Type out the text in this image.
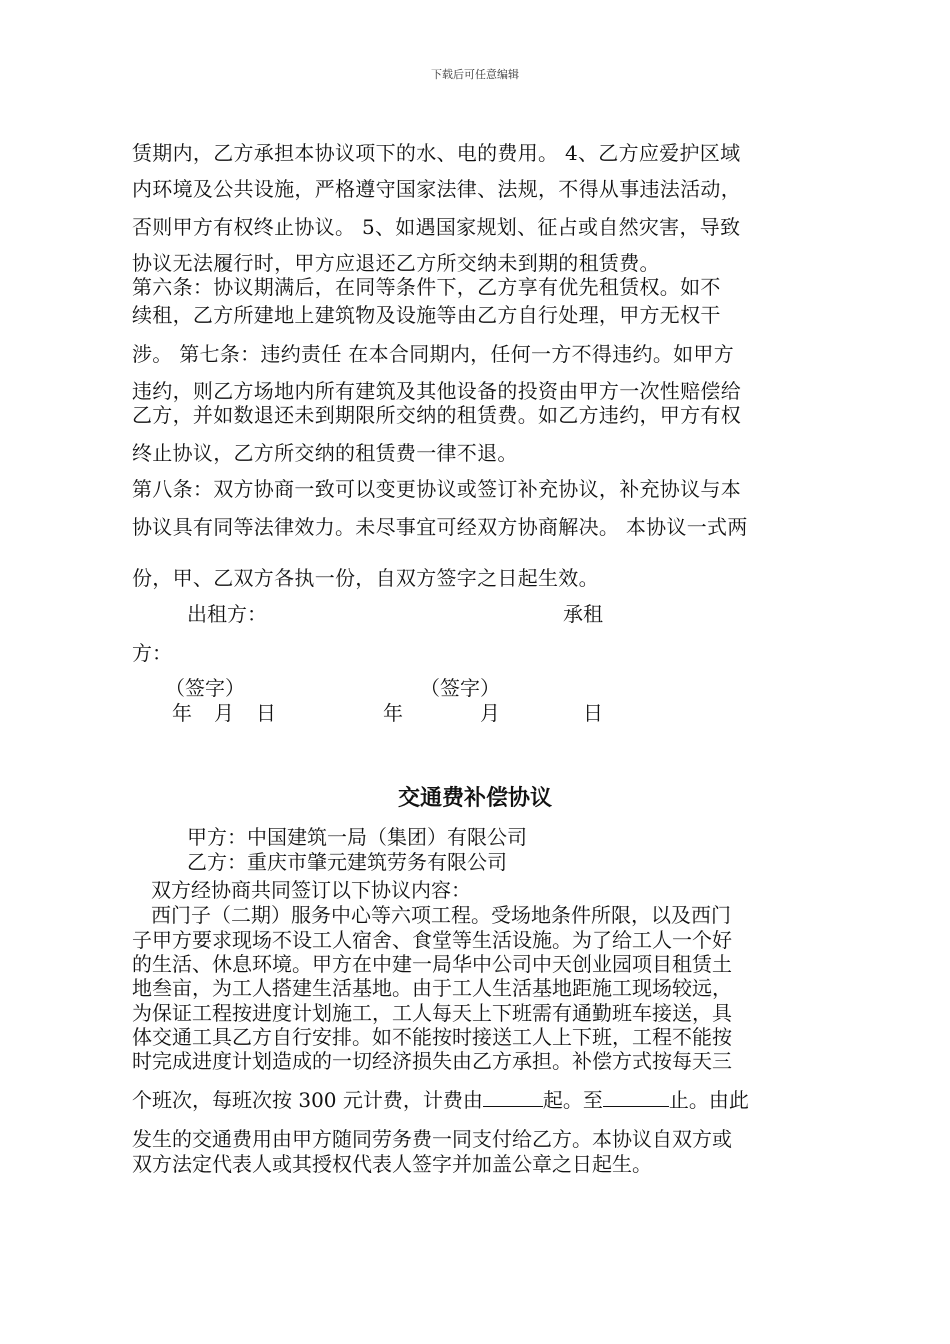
下载后可任意编辑
赁期内，乙方承担本协议项下的水、电的费用。 4、乙方应爱护区域
内环境及公共设施，严格遵守国家法律、法规，不得从事违法活动，
否则甲方有权终止协议。 5、如遇国家规划、征占或自然灾害，导致
协议无法履行时，甲方应退还乙方所交纳未到期的租赁费。
第六条：协议期满后，在同等条件下，乙方享有优先租赁权。如不
续租，乙方所建地上建筑物及设施等由乙方自行处理，甲方无权干
涉。 第七条：违约责任 在本合同期内，任何一方不得违约。如甲方
违约，则乙方场地内所有建筑及其他设备的投资由甲方一次性赔偿给
乙方，并如数退还未到期限所交纳的租赁费。如乙方违约，甲方有权
终止协议，乙方所交纳的租赁费一律不退。
第八条：双方协商一致可以变更协议或签订补充协议，补充协议与本
协议具有同等法律效力。未尽事宜可经双方协商解决。 本协议一式两
份，甲、乙双方各执一份，自双方签字之日起生效。
出租方：	承租
方：
（签字）	（签字）
年 月 日	年	月	日
交通费补偿协议
甲方：中国建筑一局（集团）有限公司
乙方：重庆市肇元建筑劳务有限公司
双方经协商共同签订以下协议内容：
西门子（二期）服务中心等六项工程。受场地条件所限，以及西门
子甲方要求现场不设工人宿舍、食堂等生活设施。为了给工人一个好
的生活、休息环境。甲方在中建一局华中公司中天创业园项目租赁土
地叁亩，为工人搭建生活基地。由于工人生活基地距施工现场较远，
为保证工程按进度计划施工，工人每天上下班需有通勤班车接送，具
体交通工具乙方自行安排。如不能按时接送工人上下班，工程不能按
时完成进度计划造成的一切经济损失由乙方承担。补偿方式按每天三
个班次，每班次按 300 元计费，计费由	起。至	止。由此
发生的交通费用由甲方随同劳务费一同支付给乙方。本协议自双方或
双方法定代表人或其授权代表人签字并加盖公章之日起生。
